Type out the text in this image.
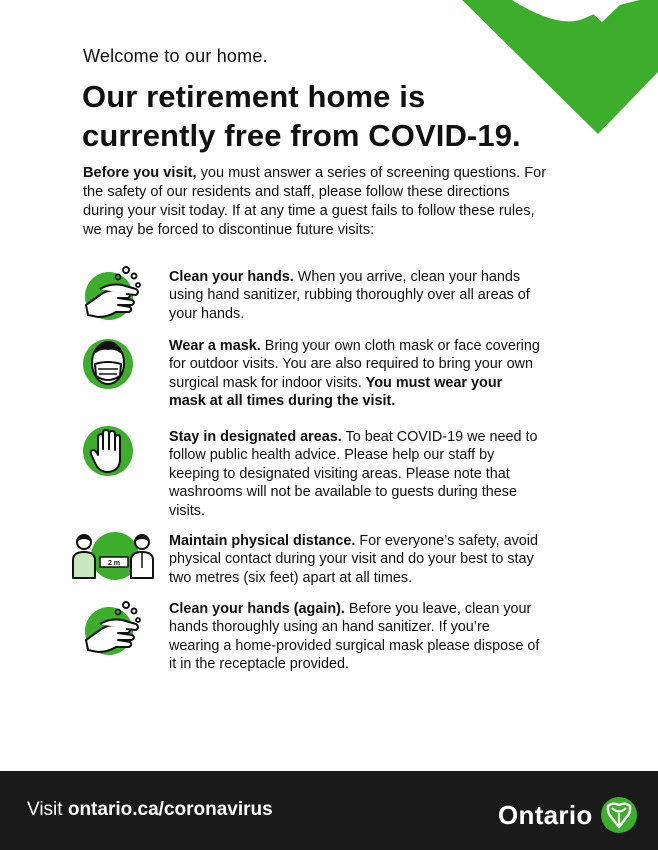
Welcome to our home.
Our retirement home is
currently free from COVID-19.

Before you visit, you must answer a series of screening questions. For the safety of our residents and staff, please follow these directions during your visit today. If at any time a guest fails to follow these rules, we may be forced to discontinue future visits:

Clean your hands. When you arrive, clean your hands using hand sanitizer, rubbing thoroughly over all areas of your hands.

Wear a mask. Bring your own cloth mask or face covering for outdoor visits. You are also required to bring your own surgical mask for indoor visits. You must wear your mask at all times during the visit.

Stay in designated areas. To beat COVID-19 we need to follow public health advice. Please help our staff by keeping to designated visiting areas. Please note that washrooms will not be available to guests during these visits.

2 m

Maintain physical distance. For everyone’s safety, avoid physical contact during your visit and do your best to stay two metres (six feet) apart at all times.

Clean your hands (again). Before you leave, clean your hands thoroughly using an hand sanitizer. If you’re wearing a home-provided surgical mask please dispose of it in the receptacle provided.

Visit ontario.ca/coronavirus	Ontario
